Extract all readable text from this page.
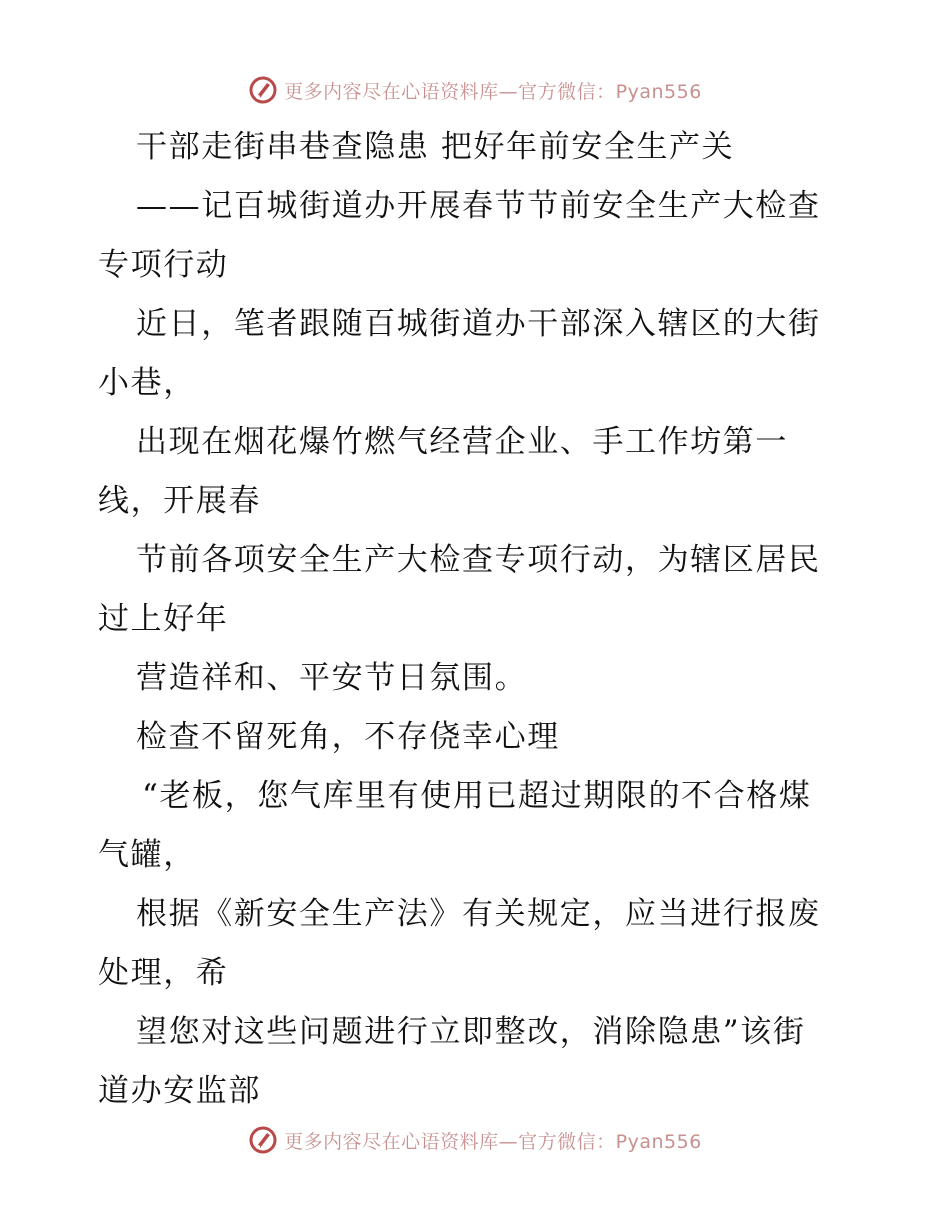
更多内容尽在心语资料库—官方微信：Pyan556
干部走街串巷查隐患 把好年前安全生产关
——记百城街道办开展春节节前安全生产大检查
专项行动
近日，笔者跟随百城街道办干部深入辖区的大街
小巷，
出现在烟花爆竹燃气经营企业、手工作坊第一
线，开展春
节前各项安全生产大检查专项行动，为辖区居民
过上好年
营造祥和、平安节日氛围。
检查不留死角，不存侥幸心理
“老板，您气库里有使用已超过期限的不合格煤
气罐，
根据《新安全生产法》有关规定，应当进行报废
处理，希
望您对这些问题进行立即整改，消除隐患”该街
道办安监部
更多内容尽在心语资料库—官方微信：Pyan556
